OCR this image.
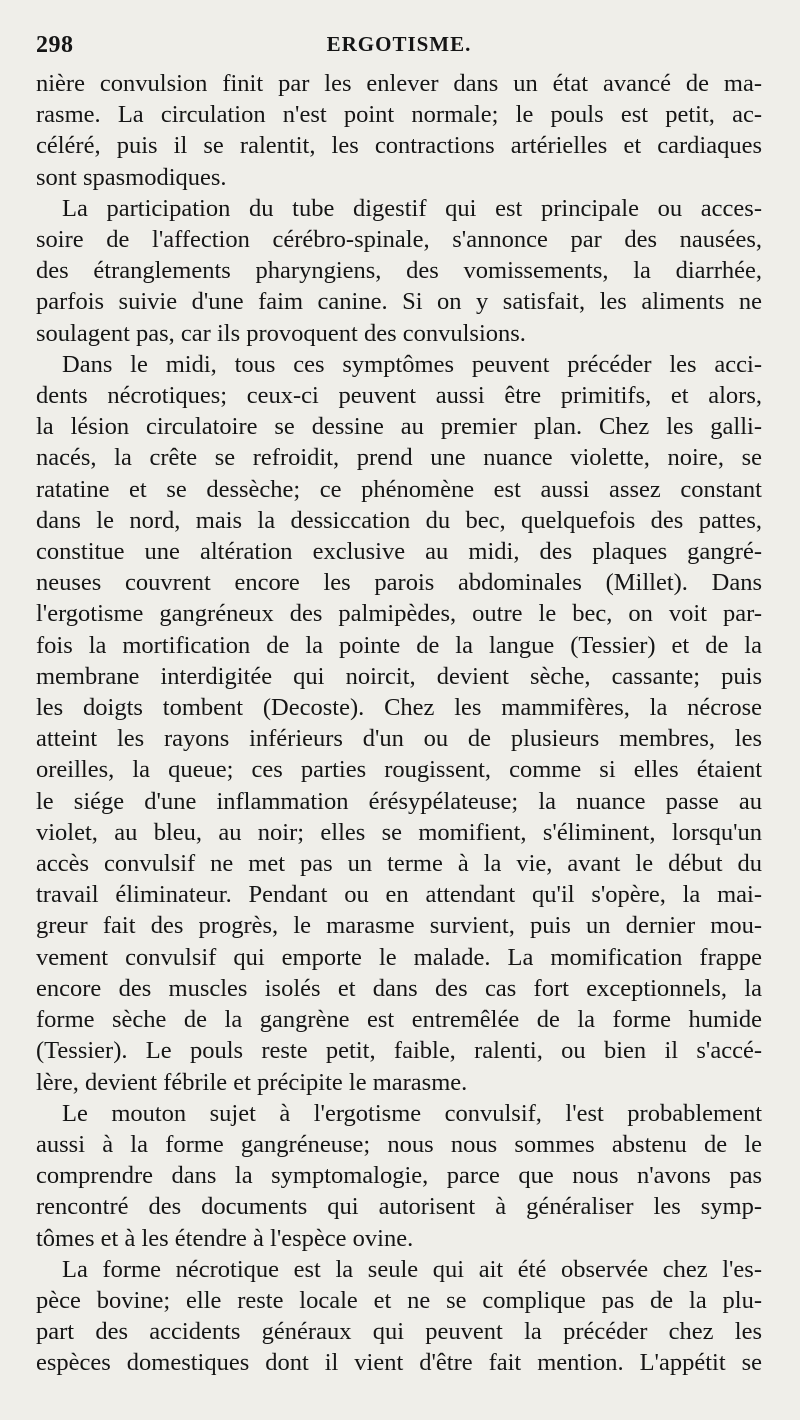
298	ERGOTISME.

nière convulsion finit par les enlever dans un état avancé de ma-
rasme. La circulation n'est point normale; le pouls est petit, ac-
céléré, puis il se ralentit, les contractions artérielles et cardiaques
sont spasmodiques.

La participation du tube digestif qui est principale ou acces-
soire de l'affection cérébro-spinale, s'annonce par des nausées,
des étranglements pharyngiens, des vomissements, la diarrhée,
parfois suivie d'une faim canine. Si on y satisfait, les aliments ne
soulagent pas, car ils provoquent des convulsions.

Dans le midi, tous ces symptômes peuvent précéder les acci-
dents nécrotiques; ceux-ci peuvent aussi être primitifs, et alors,
la lésion circulatoire se dessine au premier plan. Chez les galli-
nacés, la crête se refroidit, prend une nuance violette, noire, se
ratatine et se dessèche; ce phénomène est aussi assez constant
dans le nord, mais la dessiccation du bec, quelquefois des pattes,
constitue une altération exclusive au midi, des plaques gangré-
neuses couvrent encore les parois abdominales (Millet). Dans
l'ergotisme gangréneux des palmipèdes, outre le bec, on voit par-
fois la mortification de la pointe de la langue (Tessier) et de la
membrane interdigitée qui noircit, devient sèche, cassante; puis
les doigts tombent (Decoste). Chez les mammifères, la nécrose
atteint les rayons inférieurs d'un ou de plusieurs membres, les
oreilles, la queue; ces parties rougissent, comme si elles étaient
le siége d'une inflammation érésypélateuse; la nuance passe au
violet, au bleu, au noir; elles se momifient, s'éliminent, lorsqu'un
accès convulsif ne met pas un terme à la vie, avant le début du
travail éliminateur. Pendant ou en attendant qu'il s'opère, la mai-
greur fait des progrès, le marasme survient, puis un dernier mou-
vement convulsif qui emporte le malade. La momification frappe
encore des muscles isolés et dans des cas fort exceptionnels, la
forme sèche de la gangrène est entremêlée de la forme humide
(Tessier). Le pouls reste petit, faible, ralenti, ou bien il s'accé-
lère, devient fébrile et précipite le marasme.

Le mouton sujet à l'ergotisme convulsif, l'est probablement
aussi à la forme gangréneuse; nous nous sommes abstenu de le
comprendre dans la symptomalogie, parce que nous n'avons pas
rencontré des documents qui autorisent à généraliser les symp-
tômes et à les étendre à l'espèce ovine.

La forme nécrotique est la seule qui ait été observée chez l'es-
pèce bovine; elle reste locale et ne se complique pas de la plu-
part des accidents généraux qui peuvent la précéder chez les
espèces domestiques dont il vient d'être fait mention. L'appétit se
